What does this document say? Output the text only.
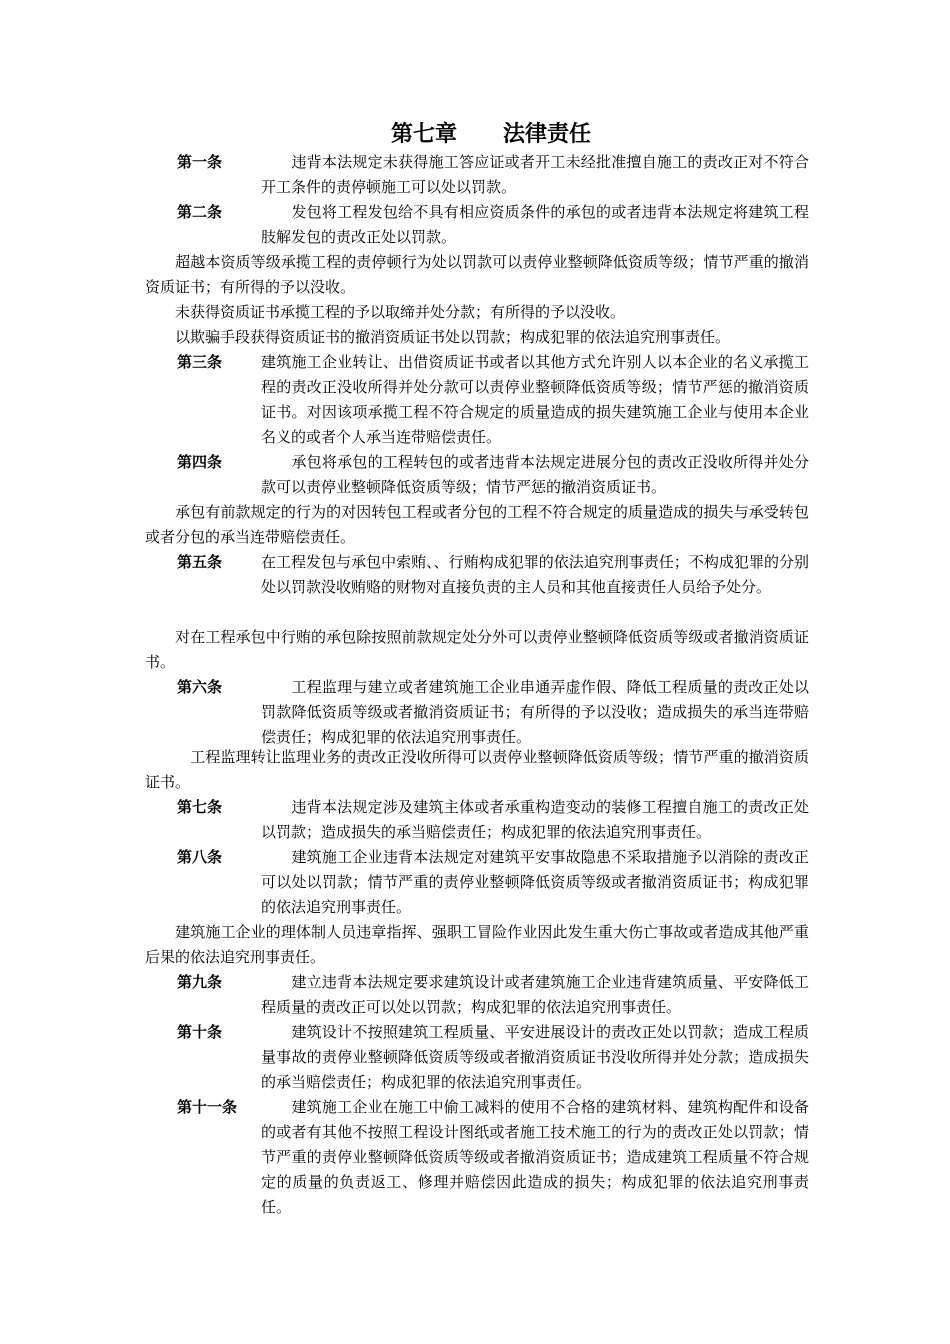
第七章      法律责任
第一条	　　违背本法规定未获得施工答应证或者开工未经批准擅自施工的责改正对不符合开工条件的责停顿施工可以处以罚款。
第二条	　　发包将工程发包给不具有相应资质条件的承包的或者违背本法规定将建筑工程肢解发包的责改正处以罚款。
　　超越本资质等级承揽工程的责停顿行为处以罚款可以责停业整顿降低资质等级；情节严重的撤消资质证书；有所得的予以没收。
　　未获得资质证书承揽工程的予以取缔并处分款；有所得的予以没收。
　　以欺骗手段获得资质证书的撤消资质证书处以罚款；构成犯罪的依法追究刑事责任。
第三条	建筑施工企业转让、出借资质证书或者以其他方式允许别人以本企业的名义承揽工程的责改正没收所得并处分款可以责停业整顿降低资质等级；情节严惩的撤消资质证书。对因该项承揽工程不符合规定的质量造成的损失建筑施工企业与使用本企业名义的或者个人承当连带赔偿责任。
第四条	　　承包将承包的工程转包的或者违背本法规定进展分包的责改正没收所得并处分款可以责停业整顿降低资质等级；情节严惩的撤消资质证书。
　　承包有前款规定的行为的对因转包工程或者分包的工程不符合规定的质量造成的损失与承受转包或者分包的承当连带赔偿责任。
第五条	在工程发包与承包中索贿、、行贿构成犯罪的依法追究刑事责任；不构成犯罪的分别处以罚款没收贿赂的财物对直接负责的主人员和其他直接责任人员给予处分。
　　对在工程承包中行贿的承包除按照前款规定处分外可以责停业整顿降低资质等级或者撤消资质证书。
第六条	　　工程监理与建立或者建筑施工企业串通弄虚作假、降低工程质量的责改正处以罚款降低资质等级或者撤消资质证书；有所得的予以没收；造成损失的承当连带赔偿责任；构成犯罪的依法追究刑事责任。
　　　工程监理转让监理业务的责改正没收所得可以责停业整顿降低资质等级；情节严重的撤消资质证书。
第七条	　　违背本法规定涉及建筑主体或者承重构造变动的装修工程擅自施工的责改正处以罚款；造成损失的承当赔偿责任；构成犯罪的依法追究刑事责任。
第八条	　　建筑施工企业违背本法规定对建筑平安事故隐患不采取措施予以消除的责改正可以处以罚款；情节严重的责停业整顿降低资质等级或者撤消资质证书；构成犯罪的依法追究刑事责任。
　　建筑施工企业的理体制人员违章指挥、强职工冒险作业因此发生重大伤亡事故或者造成其他严重后果的依法追究刑事责任。
第九条	　　建立违背本法规定要求建筑设计或者建筑施工企业违背建筑质量、平安降低工程质量的责改正可以处以罚款；构成犯罪的依法追究刑事责任。
第十条	　　建筑设计不按照建筑工程质量、平安进展设计的责改正处以罚款；造成工程质量事故的责停业整顿降低资质等级或者撤消资质证书没收所得并处分款；造成损失的承当赔偿责任；构成犯罪的依法追究刑事责任。
第十一条 　　建筑施工企业在施工中偷工减料的使用不合格的建筑材料、建筑构配件和设备的或者有其他不按照工程设计图纸或者施工技术施工的行为的责改正处以罚款；情节严重的责停业整顿降低资质等级或者撤消资质证书；造成建筑工程质量不符合规定的质量的负责返工、修理并赔偿因此造成的损失；构成犯罪的依法追究刑事责任。
